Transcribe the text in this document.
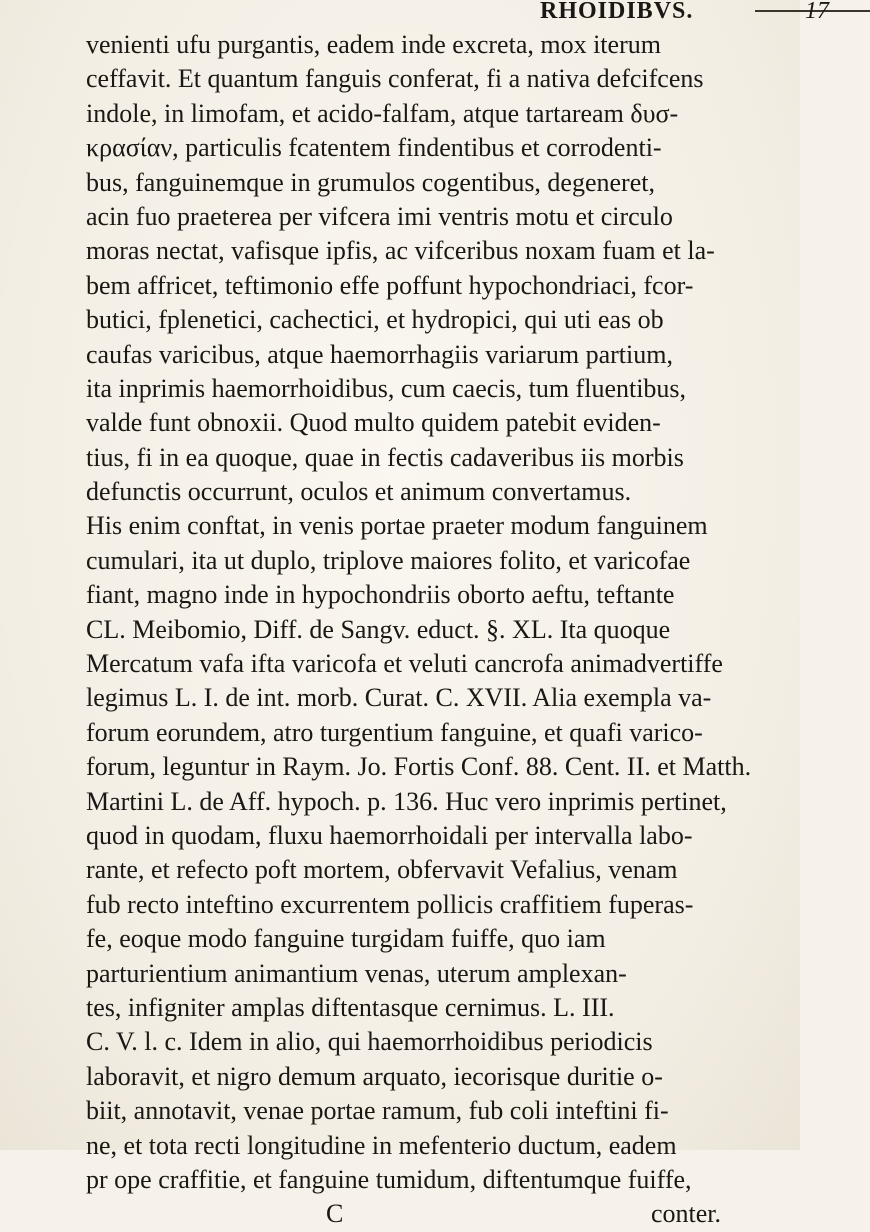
RHOIDIBVS.	17
venienti ufu purgantis, eadem inde excreta, mox iterum
ceffavit. Et quantum fanguis conferat, fi a nativa defcifcens
indole, in limofam, et acido-falfam, atque tartaream δυσ-
κρασίαν, particulis fcatentem findentibus et corrodenti-
bus, fanguinemque in grumulos cogentibus, degeneret,
acin fuo praeterea per vifcera imi ventris motu et circulo
moras nectat, vafisque ipfis, ac vifceribus noxam fuam et la-
bem affricet, teftimonio effe poffunt hypochondriaci, fcor-
butici, fplenetici, cachectici, et hydropici, qui uti eas ob
caufas varicibus, atque haemorrhagiis variarum partium,
ita inprimis haemorrhoidibus, cum caecis, tum fluentibus,
valde funt obnoxii. Quod multo quidem patebit eviden-
tius, fi in ea quoque, quae in fectis cadaveribus iis morbis
defunctis occurrunt, oculos et animum convertamus.
His enim conftat, in venis portae praeter modum fanguinem
cumulari, ita ut duplo, triplove maiores folito, et varicofae
fiant, magno inde in hypochondriis oborto aeftu, teftante
CL. Meibomio, Diff. de Sangv. educt. §. XL. Ita quoque
Mercatum vafa ifta varicofa et veluti cancrofa animadvertiffe
legimus L. I. de int. morb. Curat. C. XVII. Alia exempla va-
forum eorundem, atro turgentium fanguine, et quafi varico-
forum, leguntur in Raym. Jo. Fortis Conf. 88. Cent. II. et Matth.
Martini L. de Aff. hypoch. p. 136. Huc vero inprimis pertinet,
quod in quodam, fluxu haemorrhoidali per intervalla labo-
rante, et refecto poft mortem, obfervavit Vefalius, venam
fub recto inteftino excurrentem pollicis craffitiem fuperas-
fe, eoque modo fanguine turgidam fuiffe, quo iam
parturientium animantium venas, uterum amplexan-
tes, infigniter amplas diftentasque cernimus. L. III.
C. V. l. c. Idem in alio, qui haemorrhoidibus periodicis
laboravit, et nigro demum arquato, iecorisque duritie o-
biit, annotavit, venae portae ramum, fub coli inteftini fi-
ne, et tota recti longitudine in mefenterio ductum, eadem
pr ope craffitie, et fanguine tumidum, diftentumque fuiffe,
C	conter.
